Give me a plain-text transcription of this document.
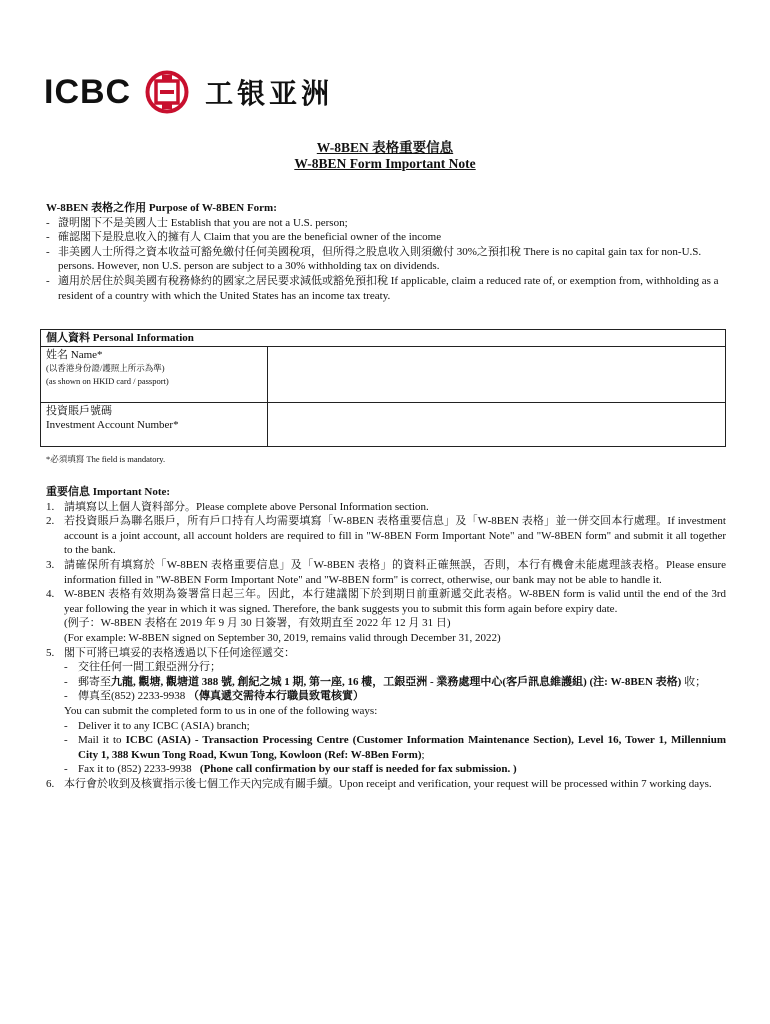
ICBC	工银亚洲
W-8BEN 表格重要信息
W-8BEN Form Important Note
W-8BEN 表格之作用 Purpose of W-8BEN Form:
- 證明閣下不是美國人士 Establish that you are not a U.S. person;
- 確認閣下是股息收入的擁有人 Claim that you are the beneficial owner of the income
- 非美國人士所得之資本收益可豁免繳付任何美國稅項，但所得之股息收入則須繳付 30%之預扣稅 There is no capital gain tax for non-U.S. persons. However, non U.S. person are subject to a 30% withholding tax on dividends.
- 適用於居住於與美國有稅務條約的國家之居民要求減低或豁免預扣稅 If applicable, claim a reduced rate of, or exemption from, withholding as a resident of a country with which the United States has an income tax treaty.
個人資料 Personal Information	

姓名 Name*
(以香港身份證/護照上所示為準)
(as shown on HKID card / passport)	

投資賬戶號碼
Investment Account Number*	

*必須填寫 The field is mandatory.
重要信息 Important Note:
1. 請填寫以上個人資料部分。Please complete above Personal Information section.
2. 若投資賬戶為聯名賬戶，所有戶口持有人均需要填寫「W-8BEN 表格重要信息」及「W-8BEN 表格」並一併交回本行處理。If investment account is a joint account, all account holders are required to fill in "W-8BEN Form Important Note" and "W-8BEN form" and submit it all together to the bank.
3. 請確保所有填寫於「W-8BEN 表格重要信息」及「W-8BEN 表格」的資料正確無誤，否則，本行有機會未能處理該表格。Please ensure information filled in "W-8BEN Form Important Note" and "W-8BEN form" is correct, otherwise, our bank may not be able to handle it.
4. W-8BEN 表格有效期為簽署當日起三年。因此，本行建議閣下於到期日前重新遞交此表格。W-8BEN form is valid until the end of the 3rd year following the year in which it was signed. Therefore, the bank suggests you to submit this form again before expiry date.
(例子：W-8BEN 表格在 2019 年 9 月 30 日簽署，有效期直至 2022 年 12 月 31 日)
(For example: W-8BEN signed on September 30, 2019, remains valid through December 31, 2022)
5. 閣下可將已填妥的表格透過以下任何途徑遞交：
- 交往任何一間工銀亞洲分行；
- 郵寄至九龍, 觀塘, 觀塘道 388 號, 創紀之城 1 期, 第一座, 16 樓，工銀亞洲 - 業務處理中心(客戶訊息維護組) (注: W-8BEN 表格) 收；
- 傳真至(852) 2233-9938 （傳真遞交需待本行職員致電核實）
You can submit the completed form to us in one of the following ways:
- Deliver it to any ICBC (ASIA) branch;
- Mail it to ICBC (ASIA) - Transaction Processing Centre (Customer Information Maintenance Section), Level 16, Tower 1, Millennium City 1, 388 Kwun Tong Road, Kwun Tong, Kowloon (Ref: W-8Ben Form);
- Fax it to (852) 2233-9938   (Phone call confirmation by our staff is needed for fax submission. )
6. 本行會於收到及核實指示後七個工作天內完成有關手續。Upon receipt and verification, your request will be processed within 7 working days.
